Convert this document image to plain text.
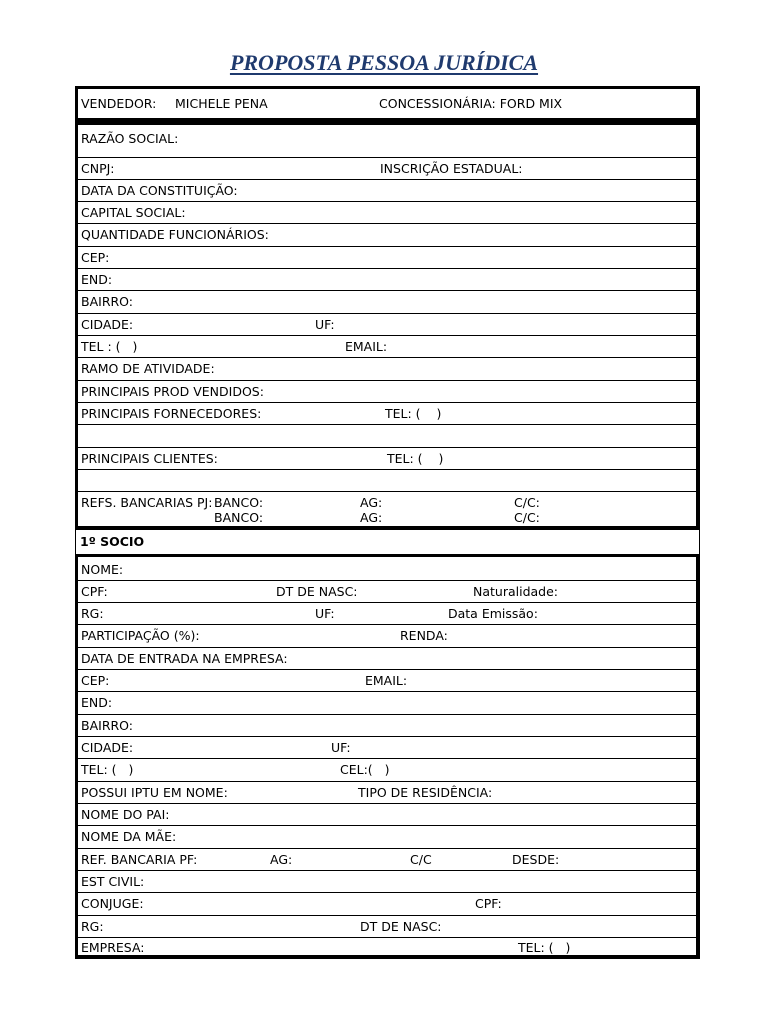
PROPOSTA PESSOA JURÍDICA
VENDEDOR: MICHELE PENA	CONCESSIONÁRIA: FORD MIX
RAZÃO SOCIAL:
CNPJ:	INSCRIÇÃO ESTADUAL:
DATA DA CONSTITUIÇÃO:
CAPITAL SOCIAL:
QUANTIDADE FUNCIONÁRIOS:
CEP:
END:
BAIRRO:
CIDADE:	UF:
TEL : (   )	EMAIL:
RAMO DE ATIVIDADE:
PRINCIPAIS PROD VENDIDOS:
PRINCIPAIS FORNECEDORES:	TEL: (    )
PRINCIPAIS CLIENTES:	TEL: (    )
REFS. BANCARIAS PJ: BANCO:	AG:	C/C:
BANCO:	AG:	C/C:
1º SOCIO
NOME:
CPF:	DT DE NASC:	Naturalidade:
RG:	UF:	Data Emissão:
PARTICIPAÇÃO (%):	RENDA:
DATA DE ENTRADA NA EMPRESA:
CEP:	EMAIL:
END:
BAIRRO:
CIDADE:	UF:
TEL: (   )	CEL:(   )
POSSUI IPTU EM NOME:	TIPO DE RESIDÊNCIA:
NOME DO PAI:
NOME DA MÃE:
REF. BANCARIA PF:	AG:	C/C	DESDE:
EST CIVIL:
CONJUGE:	CPF:
RG:	DT DE NASC:
EMPRESA:	TEL: (   )
